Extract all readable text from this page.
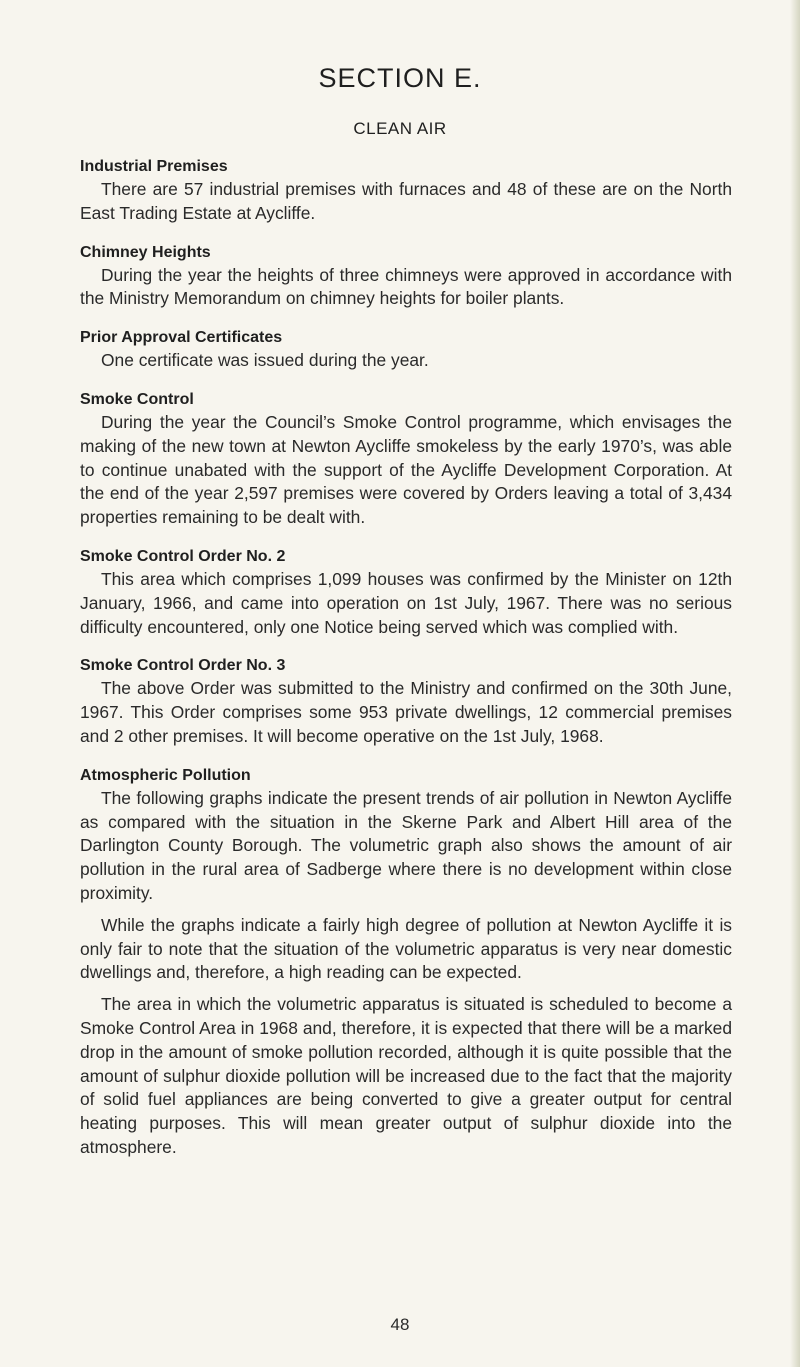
SECTION E.
CLEAN AIR
Industrial Premises

There are 57 industrial premises with furnaces and 48 of these are on the North East Trading Estate at Aycliffe.

Chimney Heights

During the year the heights of three chimneys were approved in accordance with the Ministry Memorandum on chimney heights for boiler plants.

Prior Approval Certificates

One certificate was issued during the year.

Smoke Control

During the year the Council’s Smoke Control programme, which envisages the making of the new town at Newton Aycliffe smokeless by the early 1970’s, was able to continue unabated with the support of the Aycliffe Development Corporation. At the end of the year 2,597 premises were covered by Orders leaving a total of 3,434 properties remaining to be dealt with.

Smoke Control Order No. 2

This area which comprises 1,099 houses was confirmed by the Minister on 12th January, 1966, and came into operation on 1st July, 1967. There was no serious difficulty encountered, only one Notice being served which was complied with.

Smoke Control Order No. 3

The above Order was submitted to the Ministry and confirmed on the 30th June, 1967. This Order comprises some 953 private dwellings, 12 commercial premises and 2 other premises. It will become operative on the 1st July, 1968.

Atmospheric Pollution

The following graphs indicate the present trends of air pollution in Newton Aycliffe as compared with the situation in the Skerne Park and Albert Hill area of the Darlington County Borough. The volumetric graph also shows the amount of air pollution in the rural area of Sadberge where there is no development within close proximity.

While the graphs indicate a fairly high degree of pollution at Newton Aycliffe it is only fair to note that the situation of the volumetric apparatus is very near domestic dwellings and, therefore, a high reading can be expected.

The area in which the volumetric apparatus is situated is scheduled to become a Smoke Control Area in 1968 and, therefore, it is expected that there will be a marked drop in the amount of smoke pollution recorded, although it is quite possible that the amount of sulphur dioxide pollution will be increased due to the fact that the majority of solid fuel appliances are being converted to give a greater output for central heating purposes. This will mean greater output of sulphur dioxide into the atmosphere.

48
